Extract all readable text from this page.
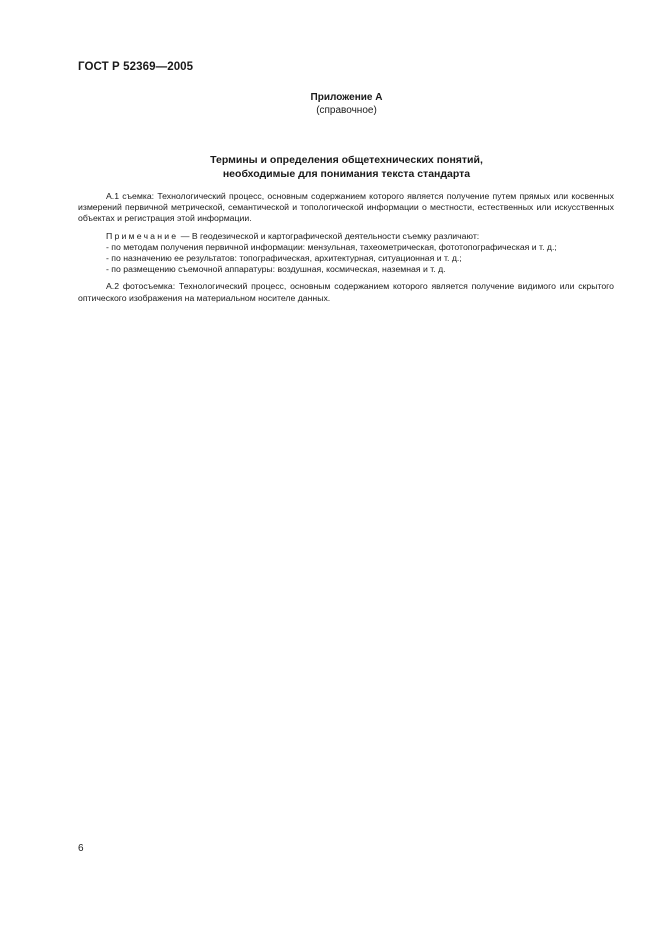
ГОСТ Р 52369—2005
Приложение А
(справочное)
Термины и определения общетехнических понятий,
необходимые для понимания текста стандарта

А.1 съемка: Технологический процесс, основным содержанием которого является получение путем прямых или косвенных измерений первичной метрической, семантической и топологической информации о местности, естественных или искусственных объектах и регистрация этой информации.

Примечание — В геодезической и картографической деятельности съемку различают:

- по методам получения первичной информации: мензульная, тахеометрическая, фототопографическая и т. д.;

- по назначению ее результатов: топографическая, архитектурная, ситуационная и т. д.;

- по размещению съемочной аппаратуры: воздушная, космическая, наземная и т. д.

А.2 фотосъемка: Технологический процесс, основным содержанием которого является получение видимого или скрытого оптического изображения на материальном носителе данных.

6
